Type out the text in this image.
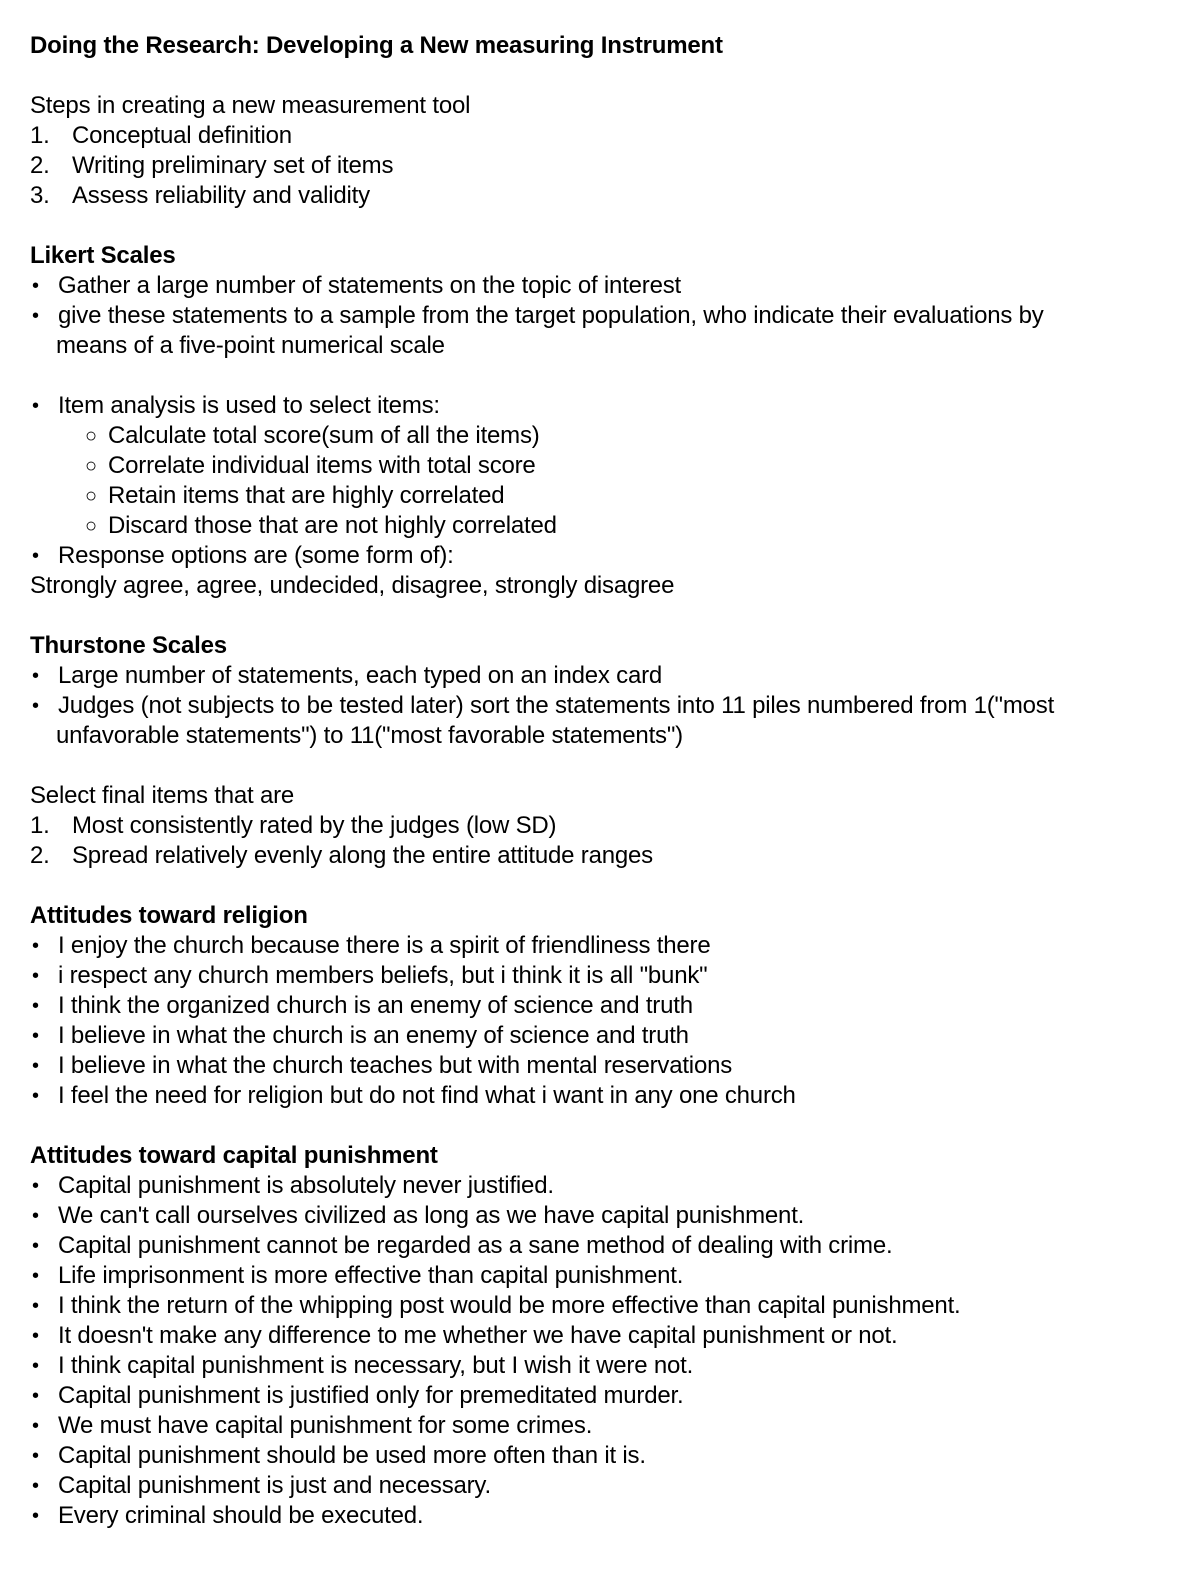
Doing the Research: Developing a New measuring Instrument
Steps in creating a new measurement tool
1. Conceptual definition
2. Writing preliminary set of items
3. Assess reliability and validity
Likert Scales
• Gather a large number of statements on the topic of interest
• give these statements to a sample from the target population, who indicate their evaluations by
means of a five-point numerical scale
• Item analysis is used to select items:
○ Calculate total score(sum of all the items)
○ Correlate individual items with total score
○ Retain items that are highly correlated
○ Discard those that are not highly correlated
• Response options are (some form of):
Strongly agree, agree, undecided, disagree, strongly disagree
Thurstone Scales
• Large number of statements, each typed on an index card
• Judges (not subjects to be tested later) sort the statements into 11 piles numbered from 1("most
unfavorable statements") to 11("most favorable statements")
Select final items that are
1. Most consistently rated by the judges (low SD)
2. Spread relatively evenly along the entire attitude ranges
Attitudes toward religion
• I enjoy the church because there is a spirit of friendliness there
• i respect any church members beliefs, but i think it is all "bunk"
• I think the organized church is an enemy of science and truth
• I believe in what the church is an enemy of science and truth
• I believe in what the church teaches but with mental reservations
• I feel the need for religion but do not find what i want in any one church
Attitudes toward capital punishment
• Capital punishment is absolutely never justified.
• We can't call ourselves civilized as long as we have capital punishment.
• Capital punishment cannot be regarded as a sane method of dealing with crime.
• Life imprisonment is more effective than capital punishment.
• I think the return of the whipping post would be more effective than capital punishment.
• It doesn't make any difference to me whether we have capital punishment or not.
• I think capital punishment is necessary, but I wish it were not.
• Capital punishment is justified only for premeditated murder.
• We must have capital punishment for some crimes.
• Capital punishment should be used more often than it is.
• Capital punishment is just and necessary.
• Every criminal should be executed.
